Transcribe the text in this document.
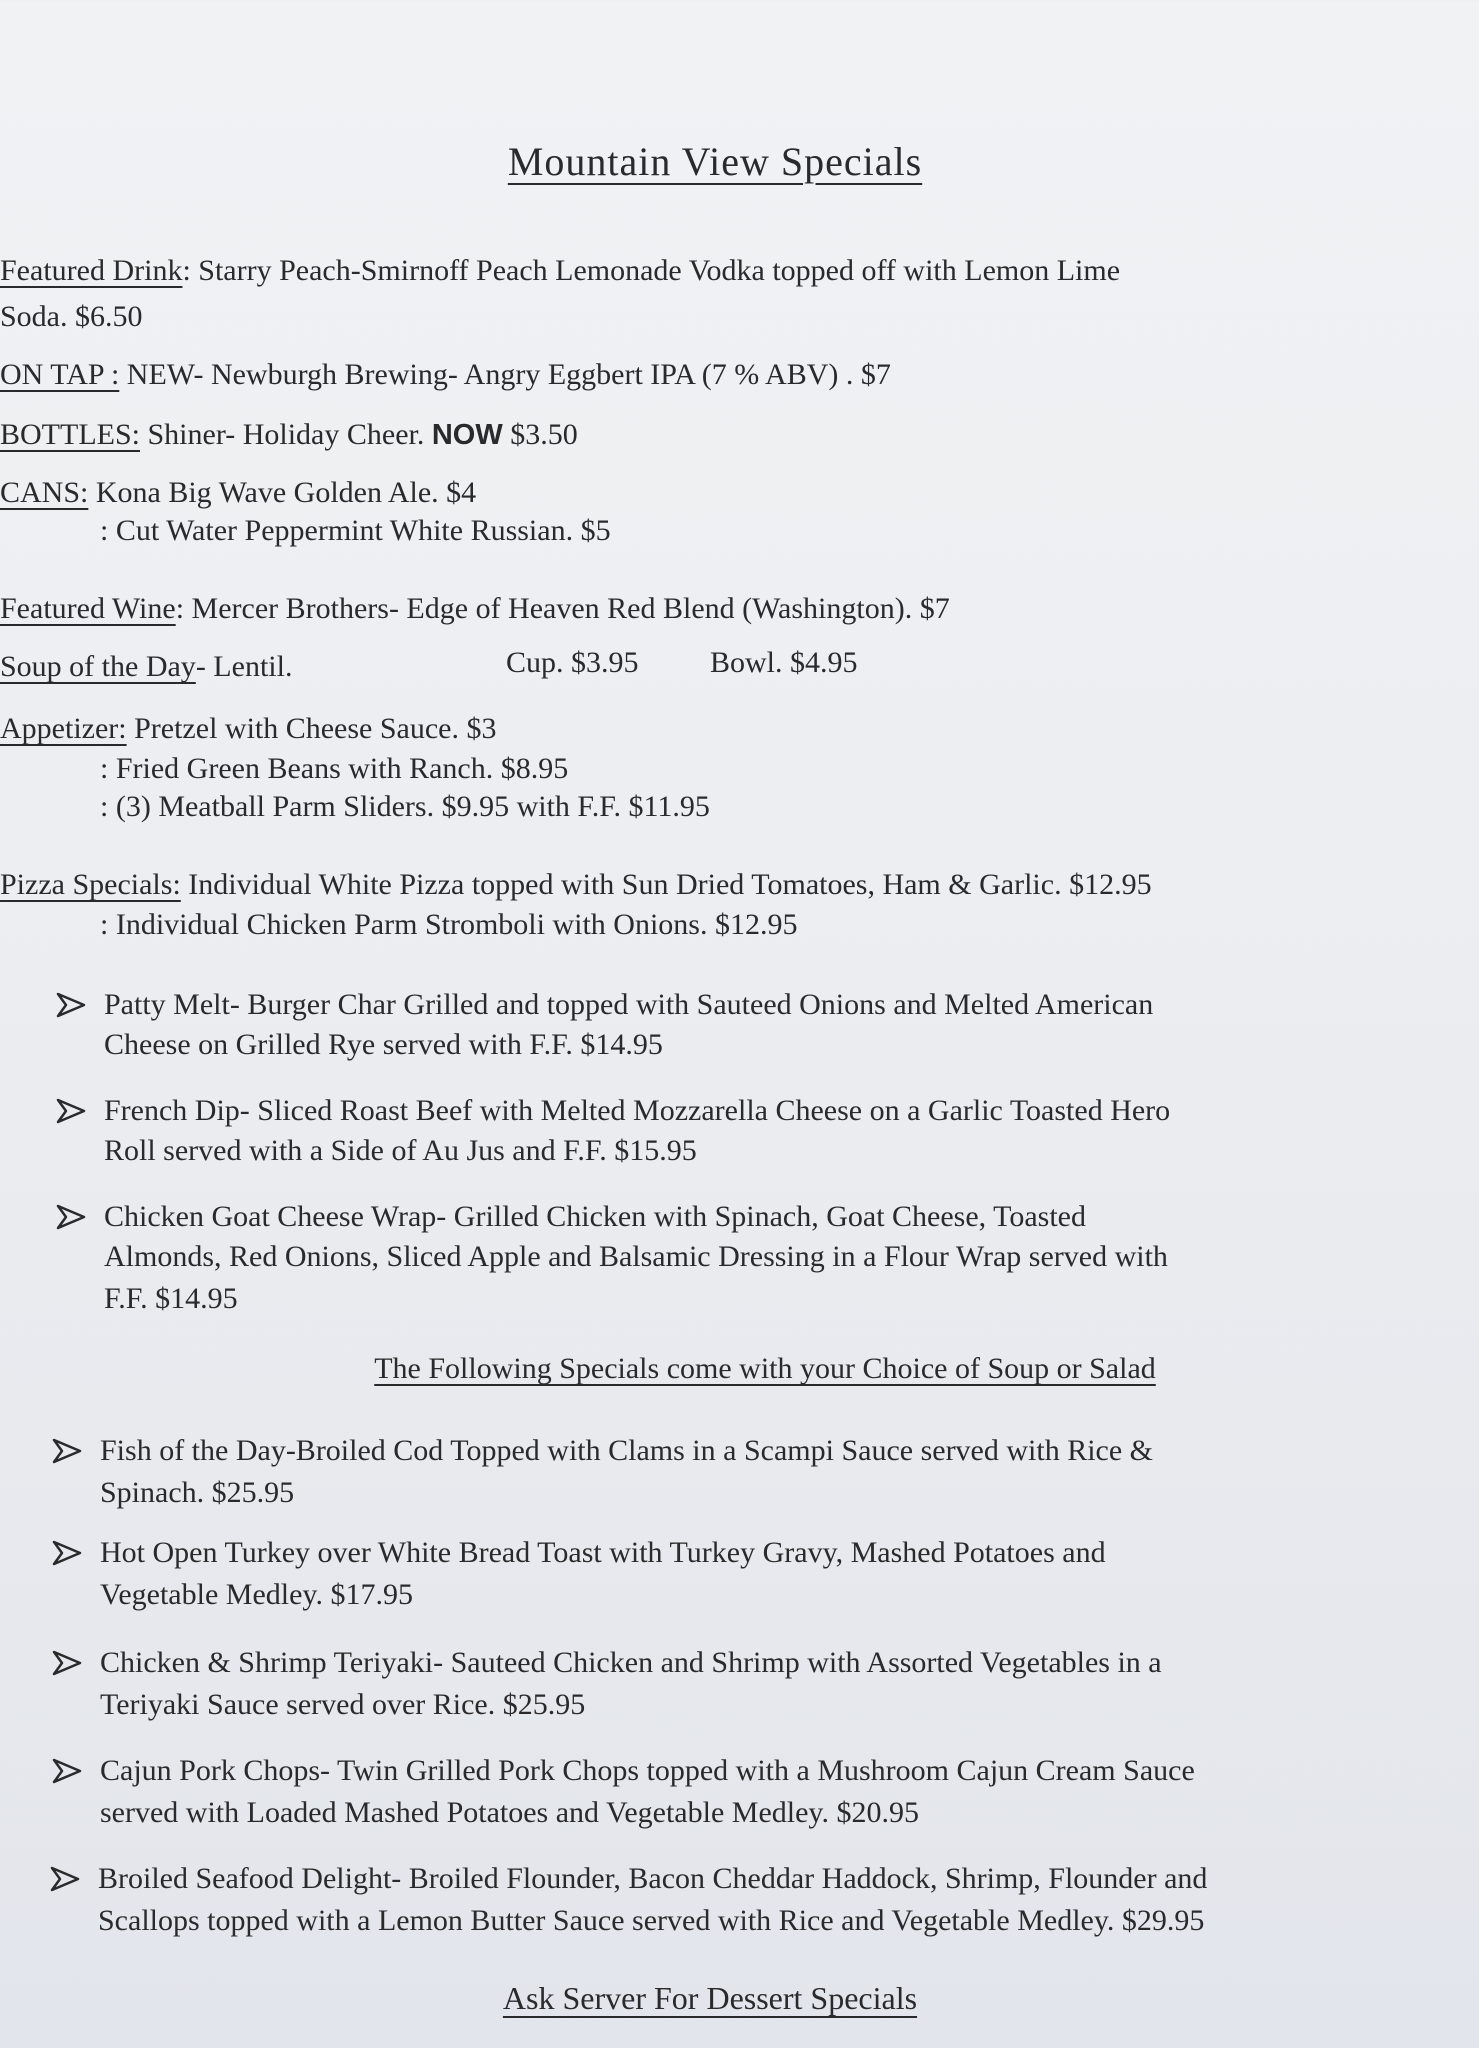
Mountain View Specials
Featured Drink: Starry Peach-Smirnoff Peach Lemonade Vodka topped off with Lemon Lime
Soda. $6.50
ON TAP : NEW- Newburgh Brewing- Angry Eggbert IPA (7 % ABV) . $7
BOTTLES: Shiner- Holiday Cheer. NOW $3.50
CANS: Kona Big Wave Golden Ale. $4
: Cut Water Peppermint White Russian. $5
Featured Wine: Mercer Brothers- Edge of Heaven Red Blend (Washington). $7
Soup of the Day- Lentil.	Cup. $3.95 Bowl. $4.95
Appetizer: Pretzel with Cheese Sauce. $3
: Fried Green Beans with Ranch. $8.95
: (3) Meatball Parm Sliders. $9.95 with F.F. $11.95
Pizza Specials: Individual White Pizza topped with Sun Dried Tomatoes, Ham & Garlic. $12.95
: Individual Chicken Parm Stromboli with Onions. $12.95
Patty Melt- Burger Char Grilled and topped with Sauteed Onions and Melted American
Cheese on Grilled Rye served with F.F. $14.95
French Dip- Sliced Roast Beef with Melted Mozzarella Cheese on a Garlic Toasted Hero
Roll served with a Side of Au Jus and F.F. $15.95
Chicken Goat Cheese Wrap- Grilled Chicken with Spinach, Goat Cheese, Toasted
Almonds, Red Onions, Sliced Apple and Balsamic Dressing in a Flour Wrap served with
F.F. $14.95
The Following Specials come with your Choice of Soup or Salad
Fish of the Day-Broiled Cod Topped with Clams in a Scampi Sauce served with Rice &
Spinach. $25.95
Hot Open Turkey over White Bread Toast with Turkey Gravy, Mashed Potatoes and
Vegetable Medley. $17.95
Chicken & Shrimp Teriyaki- Sauteed Chicken and Shrimp with Assorted Vegetables in a
Teriyaki Sauce served over Rice. $25.95
Cajun Pork Chops- Twin Grilled Pork Chops topped with a Mushroom Cajun Cream Sauce
served with Loaded Mashed Potatoes and Vegetable Medley. $20.95
Broiled Seafood Delight- Broiled Flounder, Bacon Cheddar Haddock, Shrimp, Flounder and
Scallops topped with a Lemon Butter Sauce served with Rice and Vegetable Medley. $29.95
Ask Server For Dessert Specials
